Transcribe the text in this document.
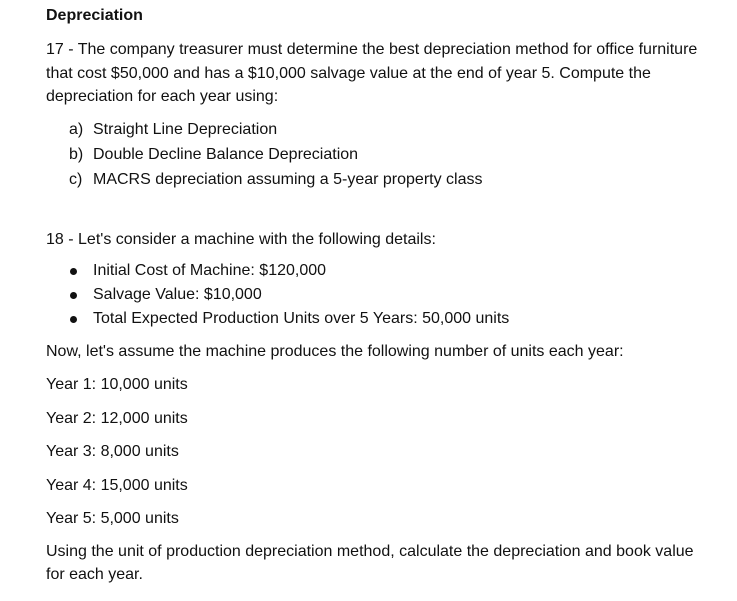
Depreciation

17 - The company treasurer must determine the best depreciation method for office furniture that cost $50,000 and has a $10,000 salvage value at the end of year 5. Compute the depreciation for each year using:

a) Straight Line Depreciation
b) Double Decline Balance Depreciation
c) MACRS depreciation assuming a 5-year property class

18 - Let's consider a machine with the following details:

Initial Cost of Machine: $120,000
Salvage Value: $10,000
Total Expected Production Units over 5 Years: 50,000 units

Now, let's assume the machine produces the following number of units each year:

Year 1: 10,000 units
Year 2: 12,000 units
Year 3: 8,000 units
Year 4: 15,000 units
Year 5: 5,000 units

Using the unit of production depreciation method, calculate the depreciation and book value for each year.
